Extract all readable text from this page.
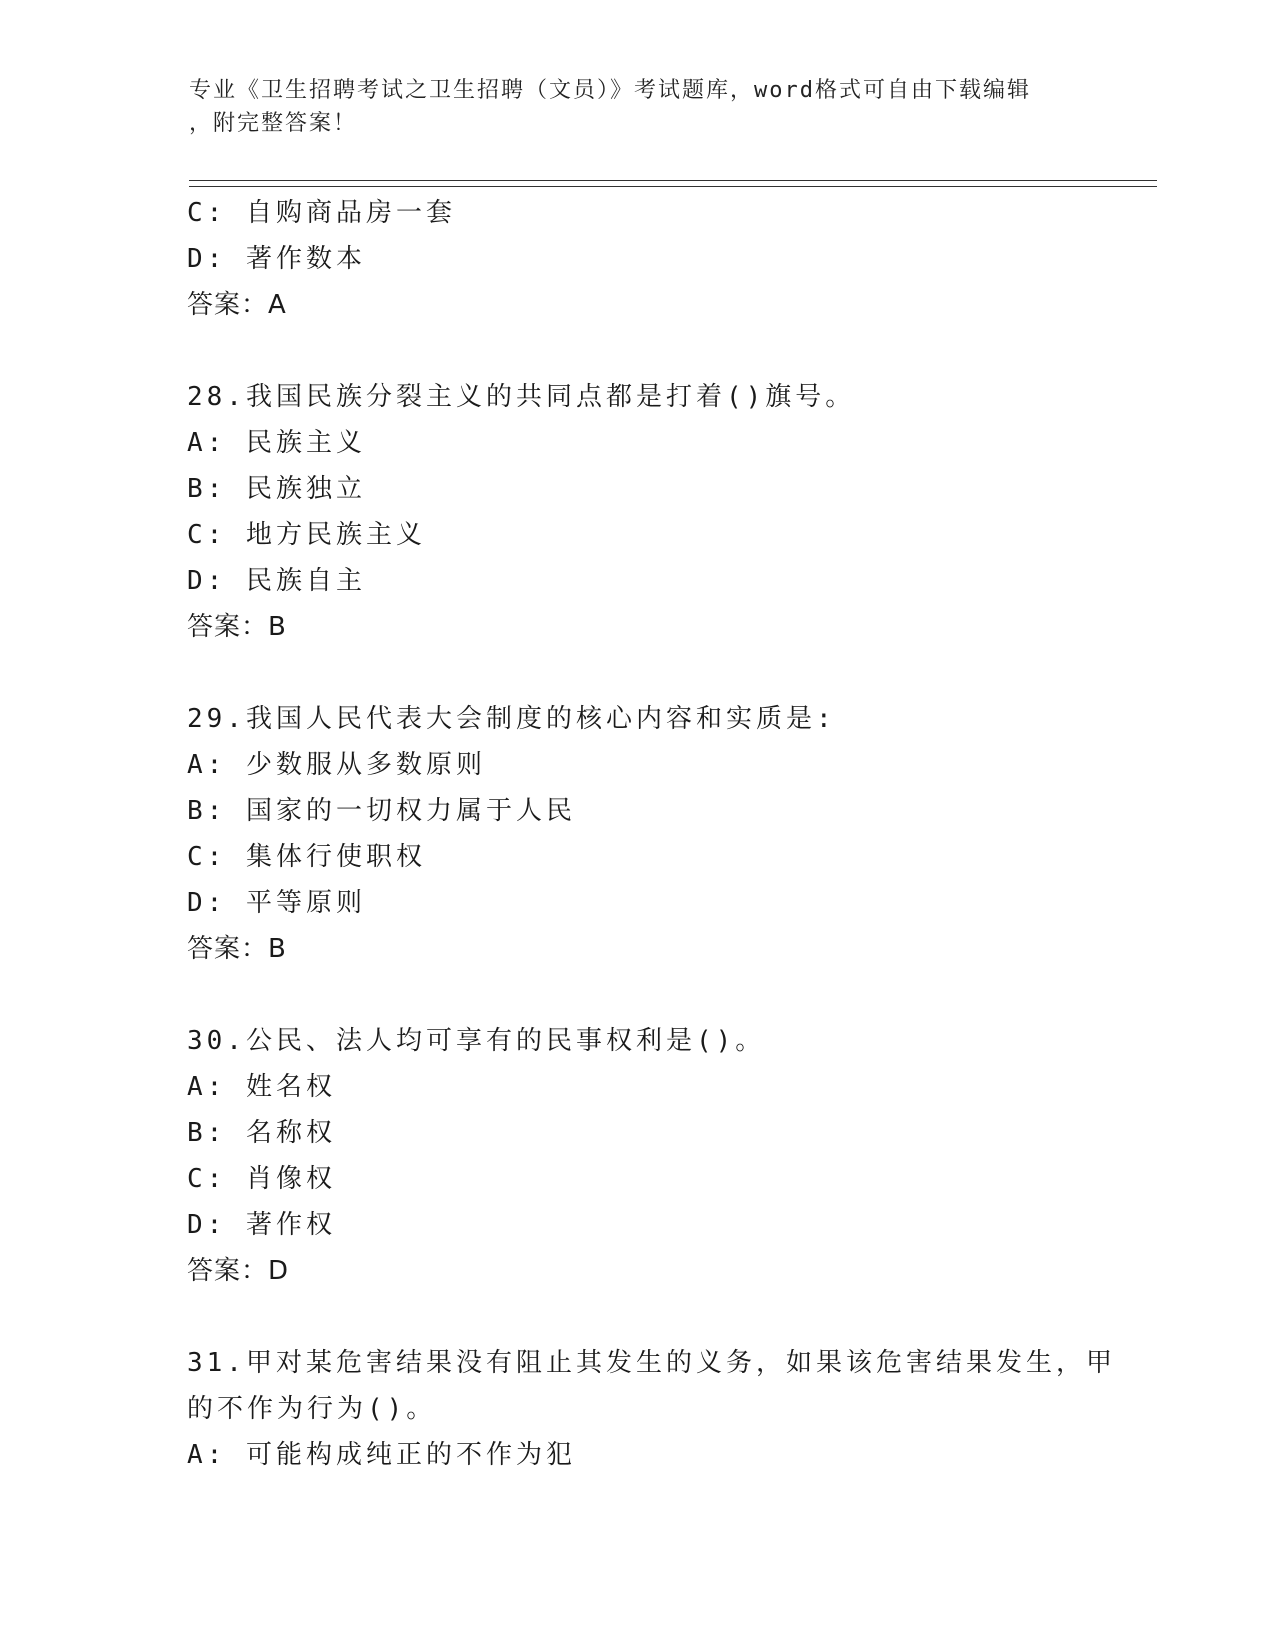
专业《卫生招聘考试之卫生招聘（文员）》考试题库，word格式可自由下载编辑
，附完整答案！
C: 自购商品房一套
D: 著作数本
答案：A
28.我国民族分裂主义的共同点都是打着()旗号。
A: 民族主义
B: 民族独立
C: 地方民族主义
D: 民族自主
答案：B
29.我国人民代表大会制度的核心内容和实质是:
A: 少数服从多数原则
B: 国家的一切权力属于人民
C: 集体行使职权
D: 平等原则
答案：B
30.公民、法人均可享有的民事权利是()。
A: 姓名权
B: 名称权
C: 肖像权
D: 著作权
答案：D
31.甲对某危害结果没有阻止其发生的义务，如果该危害结果发生，甲
的不作为行为()。
A: 可能构成纯正的不作为犯
